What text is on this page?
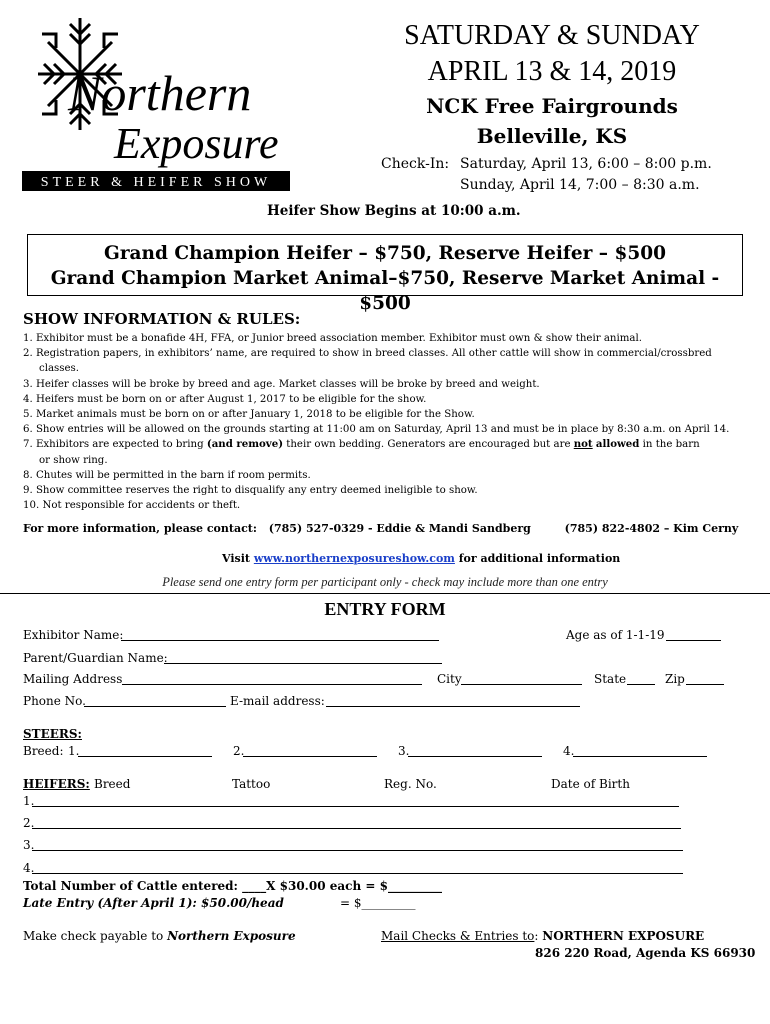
Northern
Exposure
STEER & HEIFER SHOW
SATURDAY & SUNDAY
APRIL 13 & 14, 2019
NCK Free Fairgrounds
Belleville, KS
Check-In: Saturday, April 13, 6:00 – 8:00 p.m.
Sunday, April 14, 7:00 – 8:30 a.m.
Heifer Show Begins at 10:00 a.m.
Grand Champion Heifer – $750, Reserve Heifer – $500
Grand Champion Market Animal–$750, Reserve Market Animal - $500
SHOW INFORMATION & RULES:
1. Exhibitor must be a bonafide 4H, FFA, or Junior breed association member. Exhibitor must own & show their animal.
2. Registration papers, in exhibitors’ name, are required to show in breed classes. All other cattle will show in commercial/crossbred
classes.
3. Heifer classes will be broke by breed and age. Market classes will be broke by breed and weight.
4. Heifers must be born on or after August 1, 2017 to be eligible for the show.
5. Market animals must be born on or after January 1, 2018 to be eligible for the Show.
6. Show entries will be allowed on the grounds starting at 11:00 am on Saturday, April 13 and must be in place by 8:30 a.m. on April 14.
7. Exhibitors are expected to bring (and remove) their own bedding. Generators are encouraged but are not allowed in the barn
or show ring.
8. Chutes will be permitted in the barn if room permits.
9. Show committee reserves the right to disqualify any entry deemed ineligible to show.
10. Not responsible for accidents or theft.
For more information, please contact: (785) 527-0329 - Eddie & Mandi Sandberg	(785) 822-4802 – Kim Cerny
Visit www.northernexposureshow.com for additional information
Please send one entry form per participant only - check may include more than one entry
ENTRY FORM
Exhibitor Name:	Age as of 1-1-19
Parent/Guardian Name:
Mailing Address	City	State	Zip
Phone No.	E-mail address:
STEERS:
Breed: 1.	2.	3.	4.
HEIFERS: Breed	Tattoo	Reg. No.	Date of Birth
1.
2.
3.
4.
Total Number of Cattle entered: ____X $30.00 each = $_________
Late Entry (After April 1): $50.00/head	= $_________
Make check payable to Northern Exposure	Mail Checks & Entries to: NORTHERN EXPOSURE
826 220 Road, Agenda KS 66930
